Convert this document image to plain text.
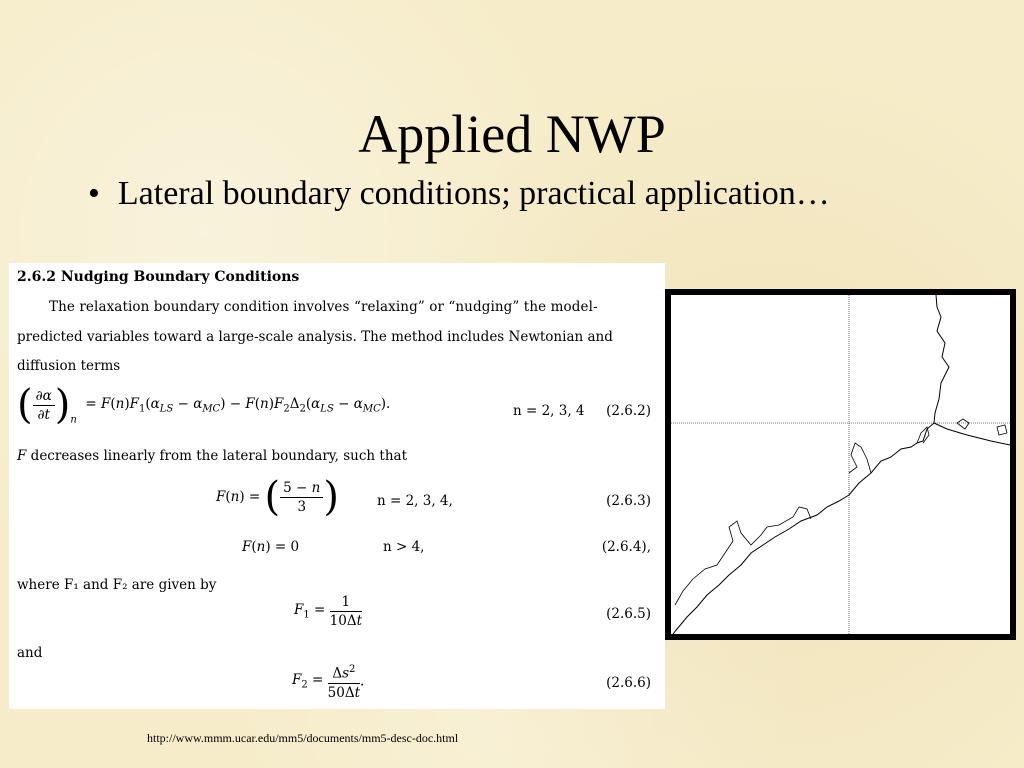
Applied NWP
• Lateral boundary conditions; practical application…
2.6.2 Nudging Boundary Conditions
The relaxation boundary condition involves “relaxing” or “nudging” the model-
predicted variables toward a large-scale analysis. The method includes Newtonian and
diffusion terms
( $\frac{\partial\alpha}{\partial t} )_n = F(n)F_1(\alpha_{LS} - \alpha_{MC}) - F(n)F_2\Delta_2(\alpha_{LS} - \alpha_{MC})$.	n = 2, 3, 4 (2.6.2)
F decreases linearly from the lateral boundary, such that
F(n) = ( $\frac{5 - n}{3}$ )	n = 2, 3, 4,	(2.6.3)
F(n) = 0	n > 4,	(2.6.4),
where F₁ and F₂ are given by
$F_1 = \frac{1}{10\Delta t}$	(2.6.5)
and
$F_2 = \frac{\Delta s^2}{50\Delta t}$ .	(2.6.6)
http://www.mmm.ucar.edu/mm5/documents/mm5-desc-doc.html
